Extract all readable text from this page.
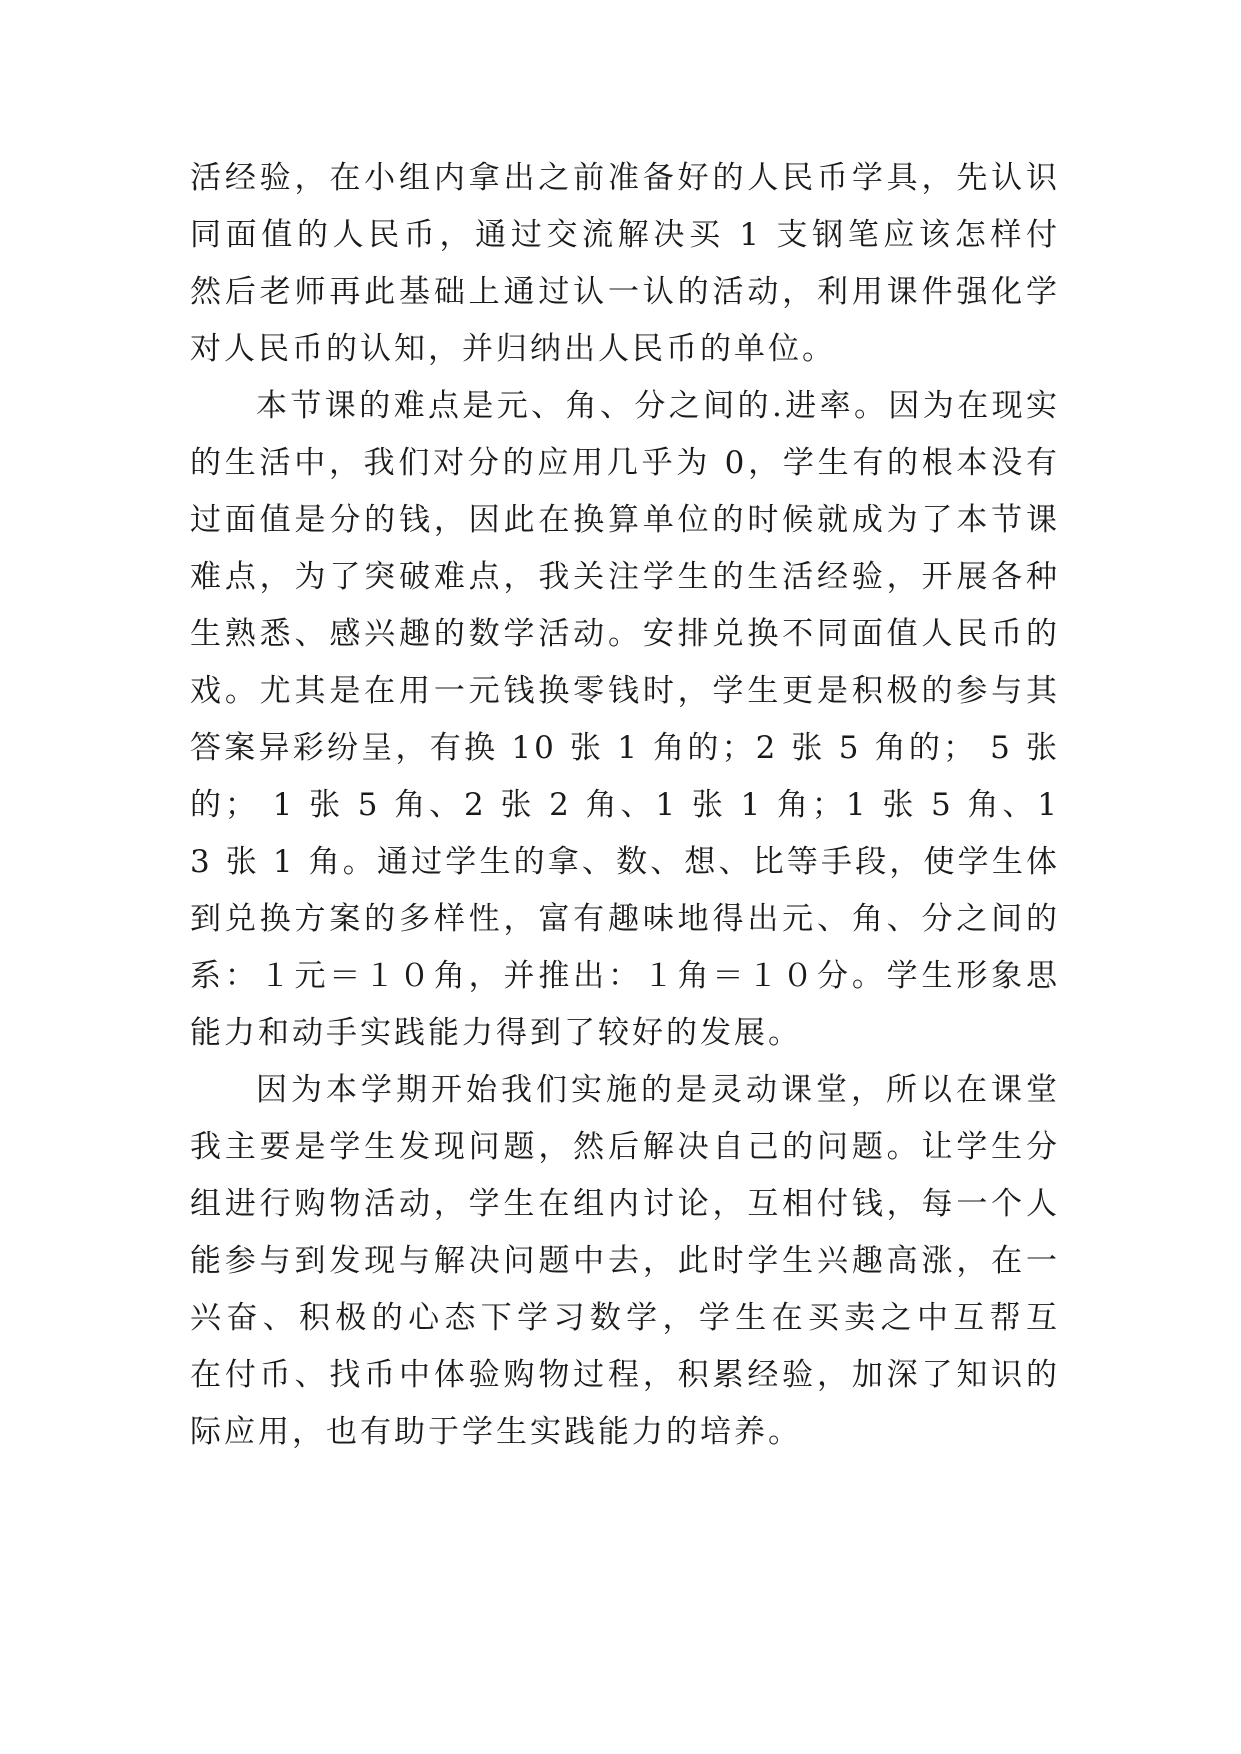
活经验，在小组内拿出之前准备好的人民币学具，先认识
同面值的人民币，通过交流解决买 1 支钢笔应该怎样付
然后老师再此基础上通过认一认的活动，利用课件强化学
对人民币的认知，并归纳出人民币的单位。
本节课的难点是元、角、分之间的.进率。因为在现实
的生活中，我们对分的应用几乎为 0，学生有的根本没有
过面值是分的钱，因此在换算单位的时候就成为了本节课
难点，为了突破难点，我关注学生的生活经验，开展各种
生熟悉、感兴趣的数学活动。安排兑换不同面值人民币的
戏。尤其是在用一元钱换零钱时，学生更是积极的参与其
答案异彩纷呈，有换 10 张 1 角的；2 张 5 角的； 5 张
的； 1 张 5 角、2 张 2 角、1 张 1 角；1 张 5 角、1
3 张 1 角。通过学生的拿、数、想、比等手段，使学生体
到兑换方案的多样性，富有趣味地得出元、角、分之间的
系：１元＝１０角，并推出：１角＝１０分。学生形象思
能力和动手实践能力得到了较好的发展。
因为本学期开始我们实施的是灵动课堂，所以在课堂
我主要是学生发现问题，然后解决自己的问题。让学生分
组进行购物活动，学生在组内讨论，互相付钱，每一个人
能参与到发现与解决问题中去，此时学生兴趣高涨，在一
兴奋、积极的心态下学习数学，学生在买卖之中互帮互
在付币、找币中体验购物过程，积累经验，加深了知识的
际应用，也有助于学生实践能力的培养。
